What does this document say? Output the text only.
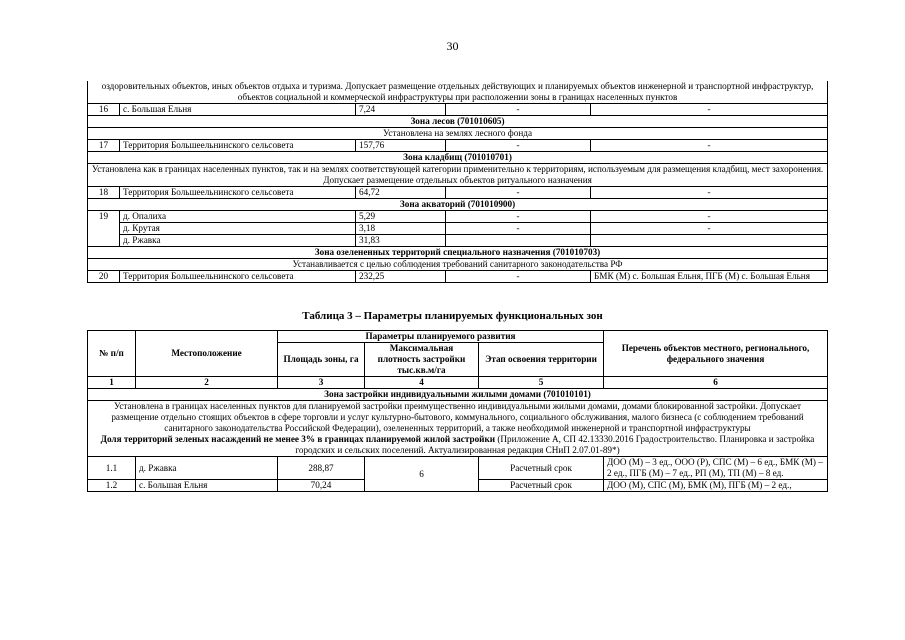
30
оздоровительных объектов, иных объектов отдыха и туризма. Допускает размещение отдельных действующих и планируемых объектов инженерной и транспортной инфраструктур, объектов социальной и коммерческой инфраструктуры при расположении зоны в границах населенных пунктов				
16	с. Большая Ельня	7,24	-	-
Зона лесов (701010605)				
Установлена на землях лесного фонда				
17	Территория Большеельнинского сельсовета	157,76	-	-
Зона кладбищ (701010701)				
Установлена как в границах населенных пунктов, так и на землях соответствующей категории применительно к территориям, используемым для размещения кладбищ, мест захоронения. Допускает размещение отдельных объектов ритуального назначения				
18	Территория Большеельнинского сельсовета	64,72	-	-
Зона акваторий (701010900)				
19	д. Опалиха	5,29	-	-
	д. Крутая	3,18	-	-
	д. Ржавка	31,83		
Зона озелененных территорий специального назначения (701010703)				
Устанавливается с целью соблюдения требований санитарного законодательства РФ				
20	Территория Большеельнинского сельсовета	232,25	-	БМК (М) с. Большая Ельня, ПГБ (М) с. Большая Ельня
Таблица 3 – Параметры планируемых функциональных зон
№ п/п	Местоположение	Параметры планируемого развития			Перечень объектов местного, регионального, федерального значения
		Площадь зоны, га	Максимальная плотность застройки тыс.кв.м/га	Этап освоения территории	
1	2	3	4	5	6
Зона застройки индивидуальными жилыми домами (701010101)					
Установлена в границах населенных пунктов для планируемой застройки преимущественно индивидуальными жилыми домами, домами блокированной застройки. Допускает размещение отдельно стоящих объектов в сфере торговли и услуг культурно-бытового, коммунального, социального обслуживания, малого бизнеса (с соблюдением требований санитарного законодательства Российской Федерации), озелененных территорий, а также необходимой инженерной и транспортной инфраструктуры
Доля территорий зеленых насаждений не менее 3% в границах планируемой жилой застройки (Приложение А, СП 42.13330.2016 Градостроительство. Планировка и застройка городских и сельских поселений. Актуализированная редакция СНиП 2.07.01-89*)					
1.1	д. Ржавка	288,87	6	Расчетный срок	ДОО (М) – 3 ед., ООО (Р), СПС (М) – 6 ед., БМК (М) – 2 ед., ПГБ (М) – 7 ед., РП (М), ТП (М) – 8 ед.
1.2	с. Большая Ельня	70,24		Расчетный срок	ДОО (М), СПС (М), БМК (М), ПГБ (М) – 2 ед.,
